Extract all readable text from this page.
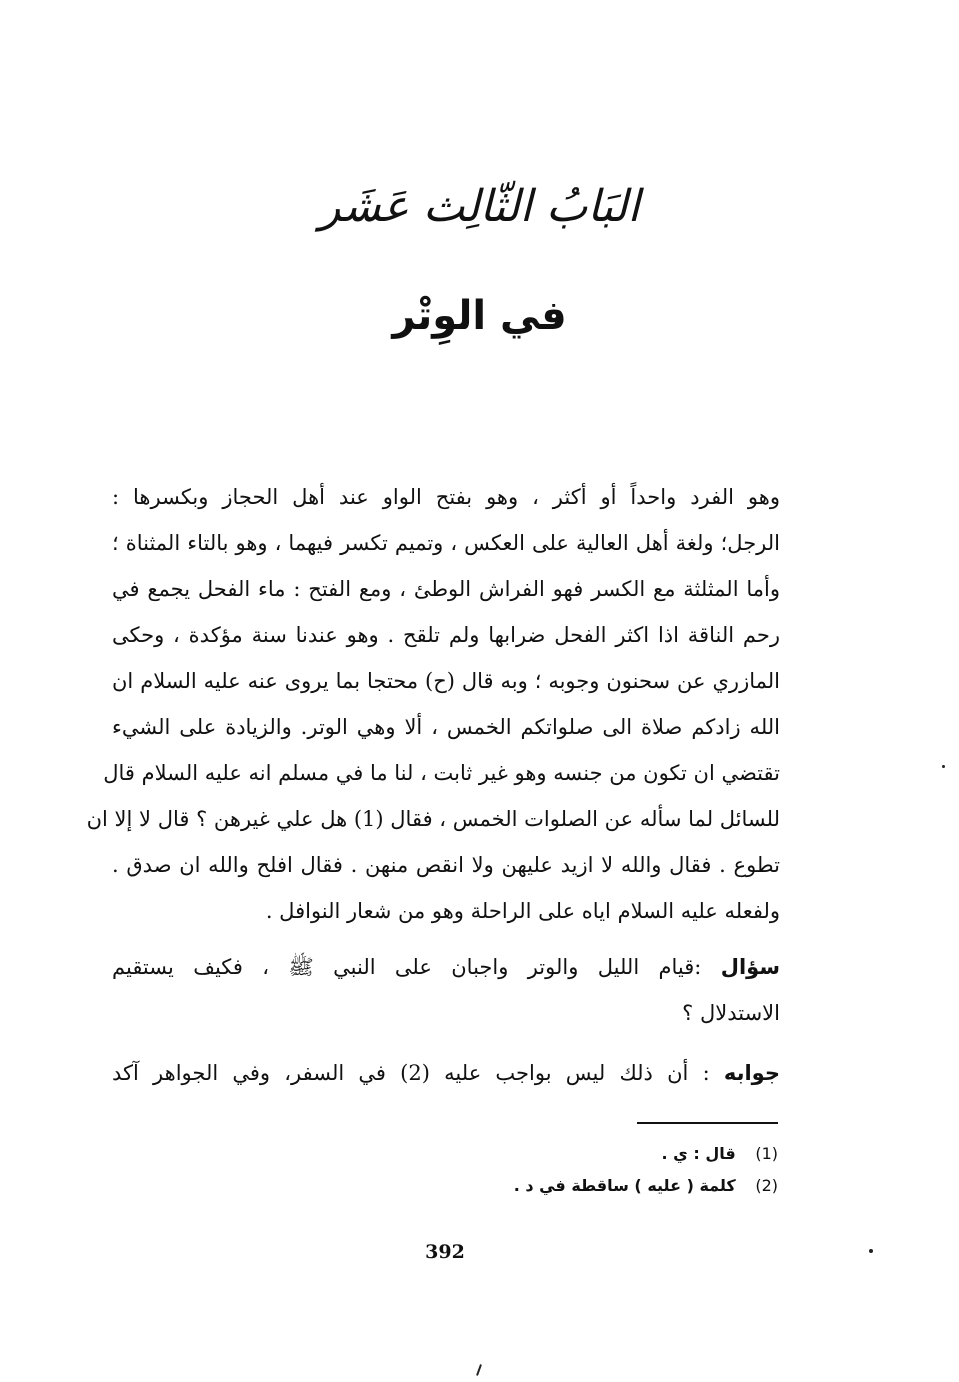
البَابُ الثّالِث عَشَر
في الوِتْر
وهو الفرد واحداً أو أكثر ، وهو بفتح الواو عند أهل الحجاز وبكسرها :
الرجل؛ ولغة أهل العالية على العكس ، وتميم تكسر فيهما ، وهو بالتاء المثناة ؛
وأما المثلثة مع الكسر فهو الفراش الوطئ ، ومع الفتح : ماء الفحل يجمع في
رحم الناقة اذا اكثر الفحل ضرابها ولم تلقح . وهو عندنا سنة مؤكدة ، وحكى
المازري عن سحنون وجوبه ؛ وبه قال (ح) محتجا بما يروى عنه عليه السلام ان
الله زادكم صلاة الى صلواتكم الخمس ، ألا وهي الوتر. والزيادة على الشيء
تقتضي ان تكون من جنسه وهو غير ثابت ، لنا ما في مسلم انه عليه السلام قال
للسائل لما سأله عن الصلوات الخمس ، فقال (1) هل علي غيرهن ؟ قال لا إلا ان
تطوع . فقال والله لا ازيد عليهن ولا انقص منهن . فقال افلح والله ان صدق .
ولفعله عليه السلام اياه على الراحلة وهو من شعار النوافل .
سؤال :قيام الليل والوتر واجبان على النبي ﷺ ، فكيف يستقيم
الاستدلال ؟
جوابه : أن ذلك ليس بواجب عليه (2) في السفر، وفي الجواهر آكد
(1) قال : ي .
(2) كلمة ( عليه ) ساقطة في د .
392
